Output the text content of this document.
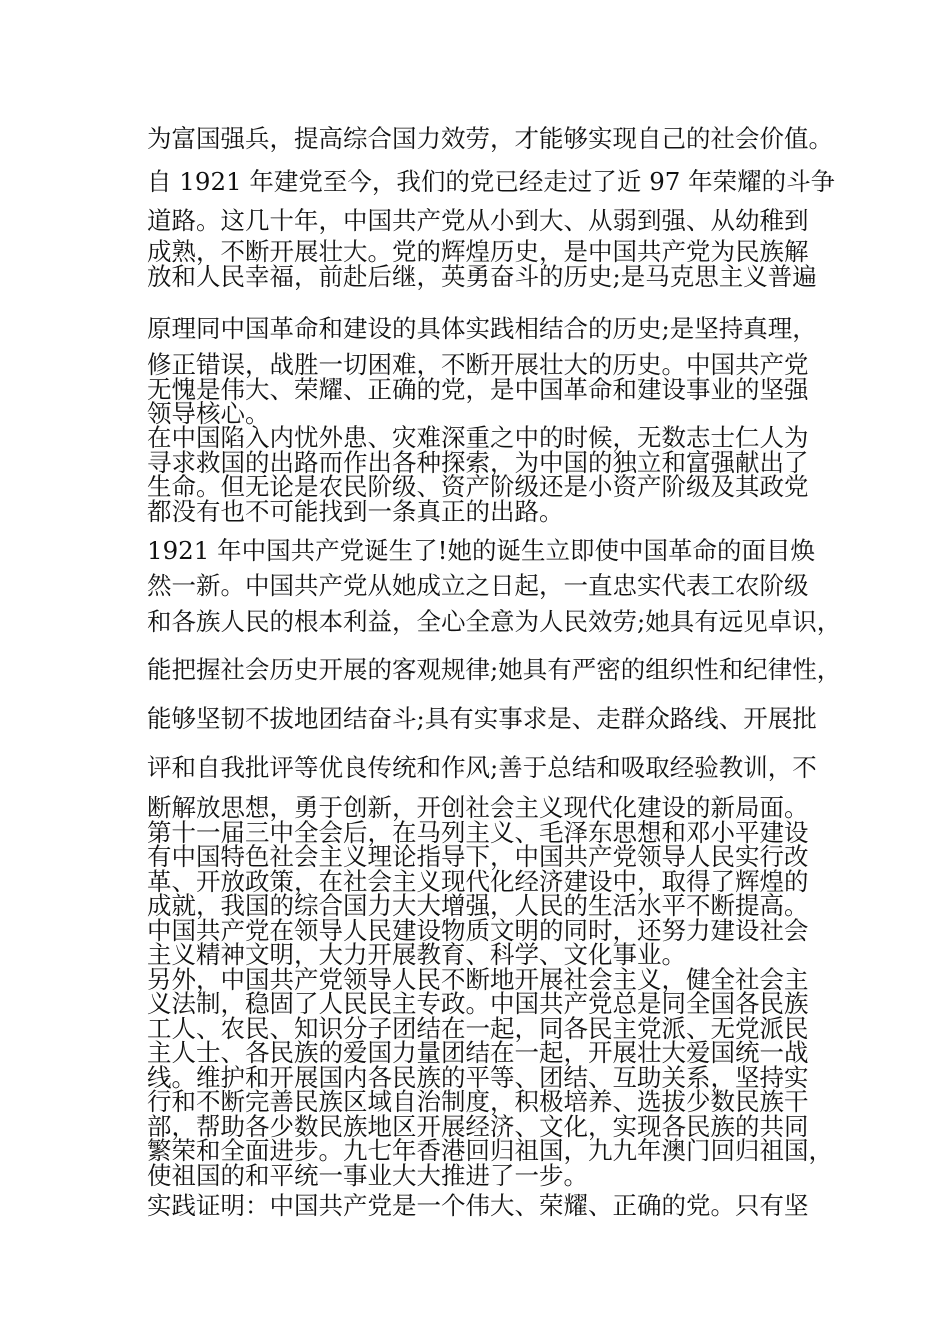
为富国强兵，提高综合国力效劳，才能够实现自己的社会价值。

自 1921 年建党至今，我们的党已经走过了近 97 年荣耀的斗争

道路。这几十年，中国共产党从小到大、从弱到强、从幼稚到

成熟，不断开展壮大。党的辉煌历史，是中国共产党为民族解

放和人民幸福，前赴后继，英勇奋斗的历史;是马克思主义普遍

原理同中国革命和建设的具体实践相结合的历史;是坚持真理，

修正错误，战胜一切困难，不断开展壮大的历史。中国共产党

无愧是伟大、荣耀、正确的党，是中国革命和建设事业的坚强

领导核心。

在中国陷入内忧外患、灾难深重之中的时候，无数志士仁人为

寻求救国的出路而作出各种探索，为中国的独立和富强献出了

生命。但无论是农民阶级、资产阶级还是小资产阶级及其政党

都没有也不可能找到一条真正的出路。

1921 年中国共产党诞生了!她的诞生立即使中国革命的面目焕

然一新。中国共产党从她成立之日起，一直忠实代表工农阶级

和各族人民的根本利益，全心全意为人民效劳;她具有远见卓识，

能把握社会历史开展的客观规律;她具有严密的组织性和纪律性，

能够坚韧不拔地团结奋斗;具有实事求是、走群众路线、开展批

评和自我批评等优良传统和作风;善于总结和吸取经验教训，不

断解放思想，勇于创新，开创社会主义现代化建设的新局面。

第十一届三中全会后，在马列主义、毛泽东思想和邓小平建设

有中国特色社会主义理论指导下，中国共产党领导人民实行改

革、开放政策，在社会主义现代化经济建设中，取得了辉煌的

成就，我国的综合国力大大增强，人民的生活水平不断提高。

中国共产党在领导人民建设物质文明的同时，还努力建设社会

主义精神文明，大力开展教育、科学、文化事业。

另外，中国共产党领导人民不断地开展社会主义，健全社会主

义法制，稳固了人民民主专政。中国共产党总是同全国各民族

工人、农民、知识分子团结在一起，同各民主党派、无党派民

主人士、各民族的爱国力量团结在一起，开展壮大爱国统一战

线。维护和开展国内各民族的平等、团结、互助关系，坚持实

行和不断完善民族区域自治制度，积极培养、选拔少数民族干

部，帮助各少数民族地区开展经济、文化，实现各民族的共同

繁荣和全面进步。九七年香港回归祖国，九九年澳门回归祖国，

使祖国的和平统一事业大大推进了一步。

实践证明：中国共产党是一个伟大、荣耀、正确的党。只有坚
